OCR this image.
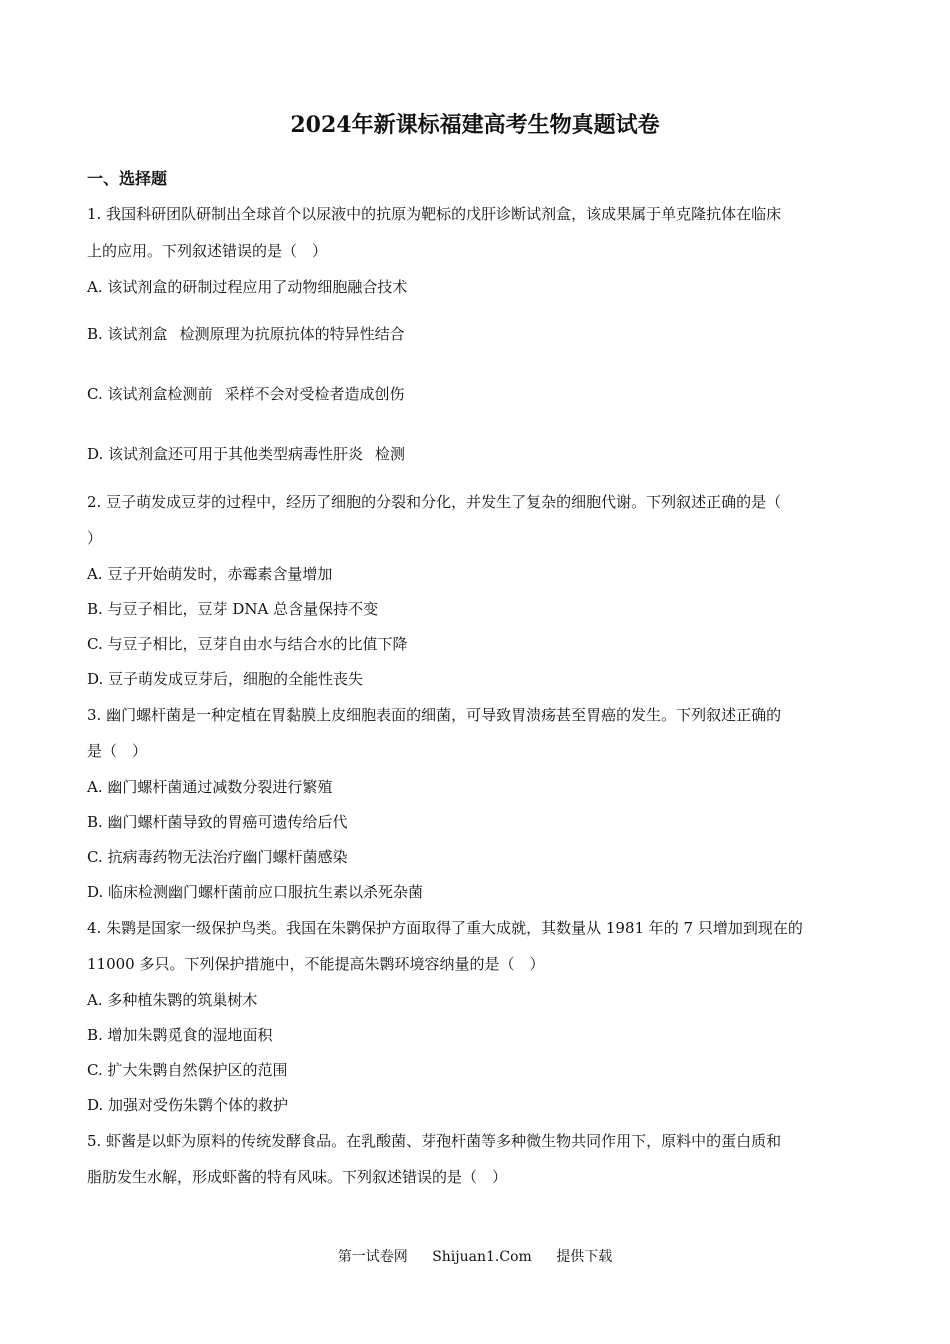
2024年新课标福建高考生物真题试卷
一、选择题
1. 我国科研团队研制出全球首个以尿液中的抗原为靶标的戊肝诊断试剂盒，该成果属于单克隆抗体在临床
上的应用。下列叙述错误的是（　）
A. 该试剂盒的研制过程应用了动物细胞融合技术
B. 该试剂盒 检测原理为抗原抗体的特异性结合
C. 该试剂盒检测前 采样不会对受检者造成创伤
D. 该试剂盒还可用于其他类型病毒性肝炎 检测
2. 豆子萌发成豆芽的过程中，经历了细胞的分裂和分化，并发生了复杂的细胞代谢。下列叙述正确的是（
）
A. 豆子开始萌发时，赤霉素含量增加
B. 与豆子相比，豆芽 DNA 总含量保持不变
C. 与豆子相比，豆芽自由水与结合水的比值下降
D. 豆子萌发成豆芽后，细胞的全能性丧失
3. 幽门螺杆菌是一种定植在胃黏膜上皮细胞表面的细菌，可导致胃溃疡甚至胃癌的发生。下列叙述正确的
是（　）
A. 幽门螺杆菌通过减数分裂进行繁殖
B. 幽门螺杆菌导致的胃癌可遗传给后代
C. 抗病毒药物无法治疗幽门螺杆菌感染
D. 临床检测幽门螺杆菌前应口服抗生素以杀死杂菌
4. 朱鹮是国家一级保护鸟类。我国在朱鹮保护方面取得了重大成就，其数量从 1981 年的 7 只增加到现在的
11000 多只。下列保护措施中，不能提高朱鹮环境容纳量的是（　）
A. 多种植朱鹮的筑巢树木
B. 增加朱鹮觅食的湿地面积
C. 扩大朱鹮自然保护区的范围
D. 加强对受伤朱鹮个体的救护
5. 虾酱是以虾为原料的传统发酵食品。在乳酸菌、芽孢杆菌等多种微生物共同作用下，原料中的蛋白质和
脂肪发生水解，形成虾酱的特有风味。下列叙述错误的是（　）
第一试卷网 Shijuan1.Com 提供下载
